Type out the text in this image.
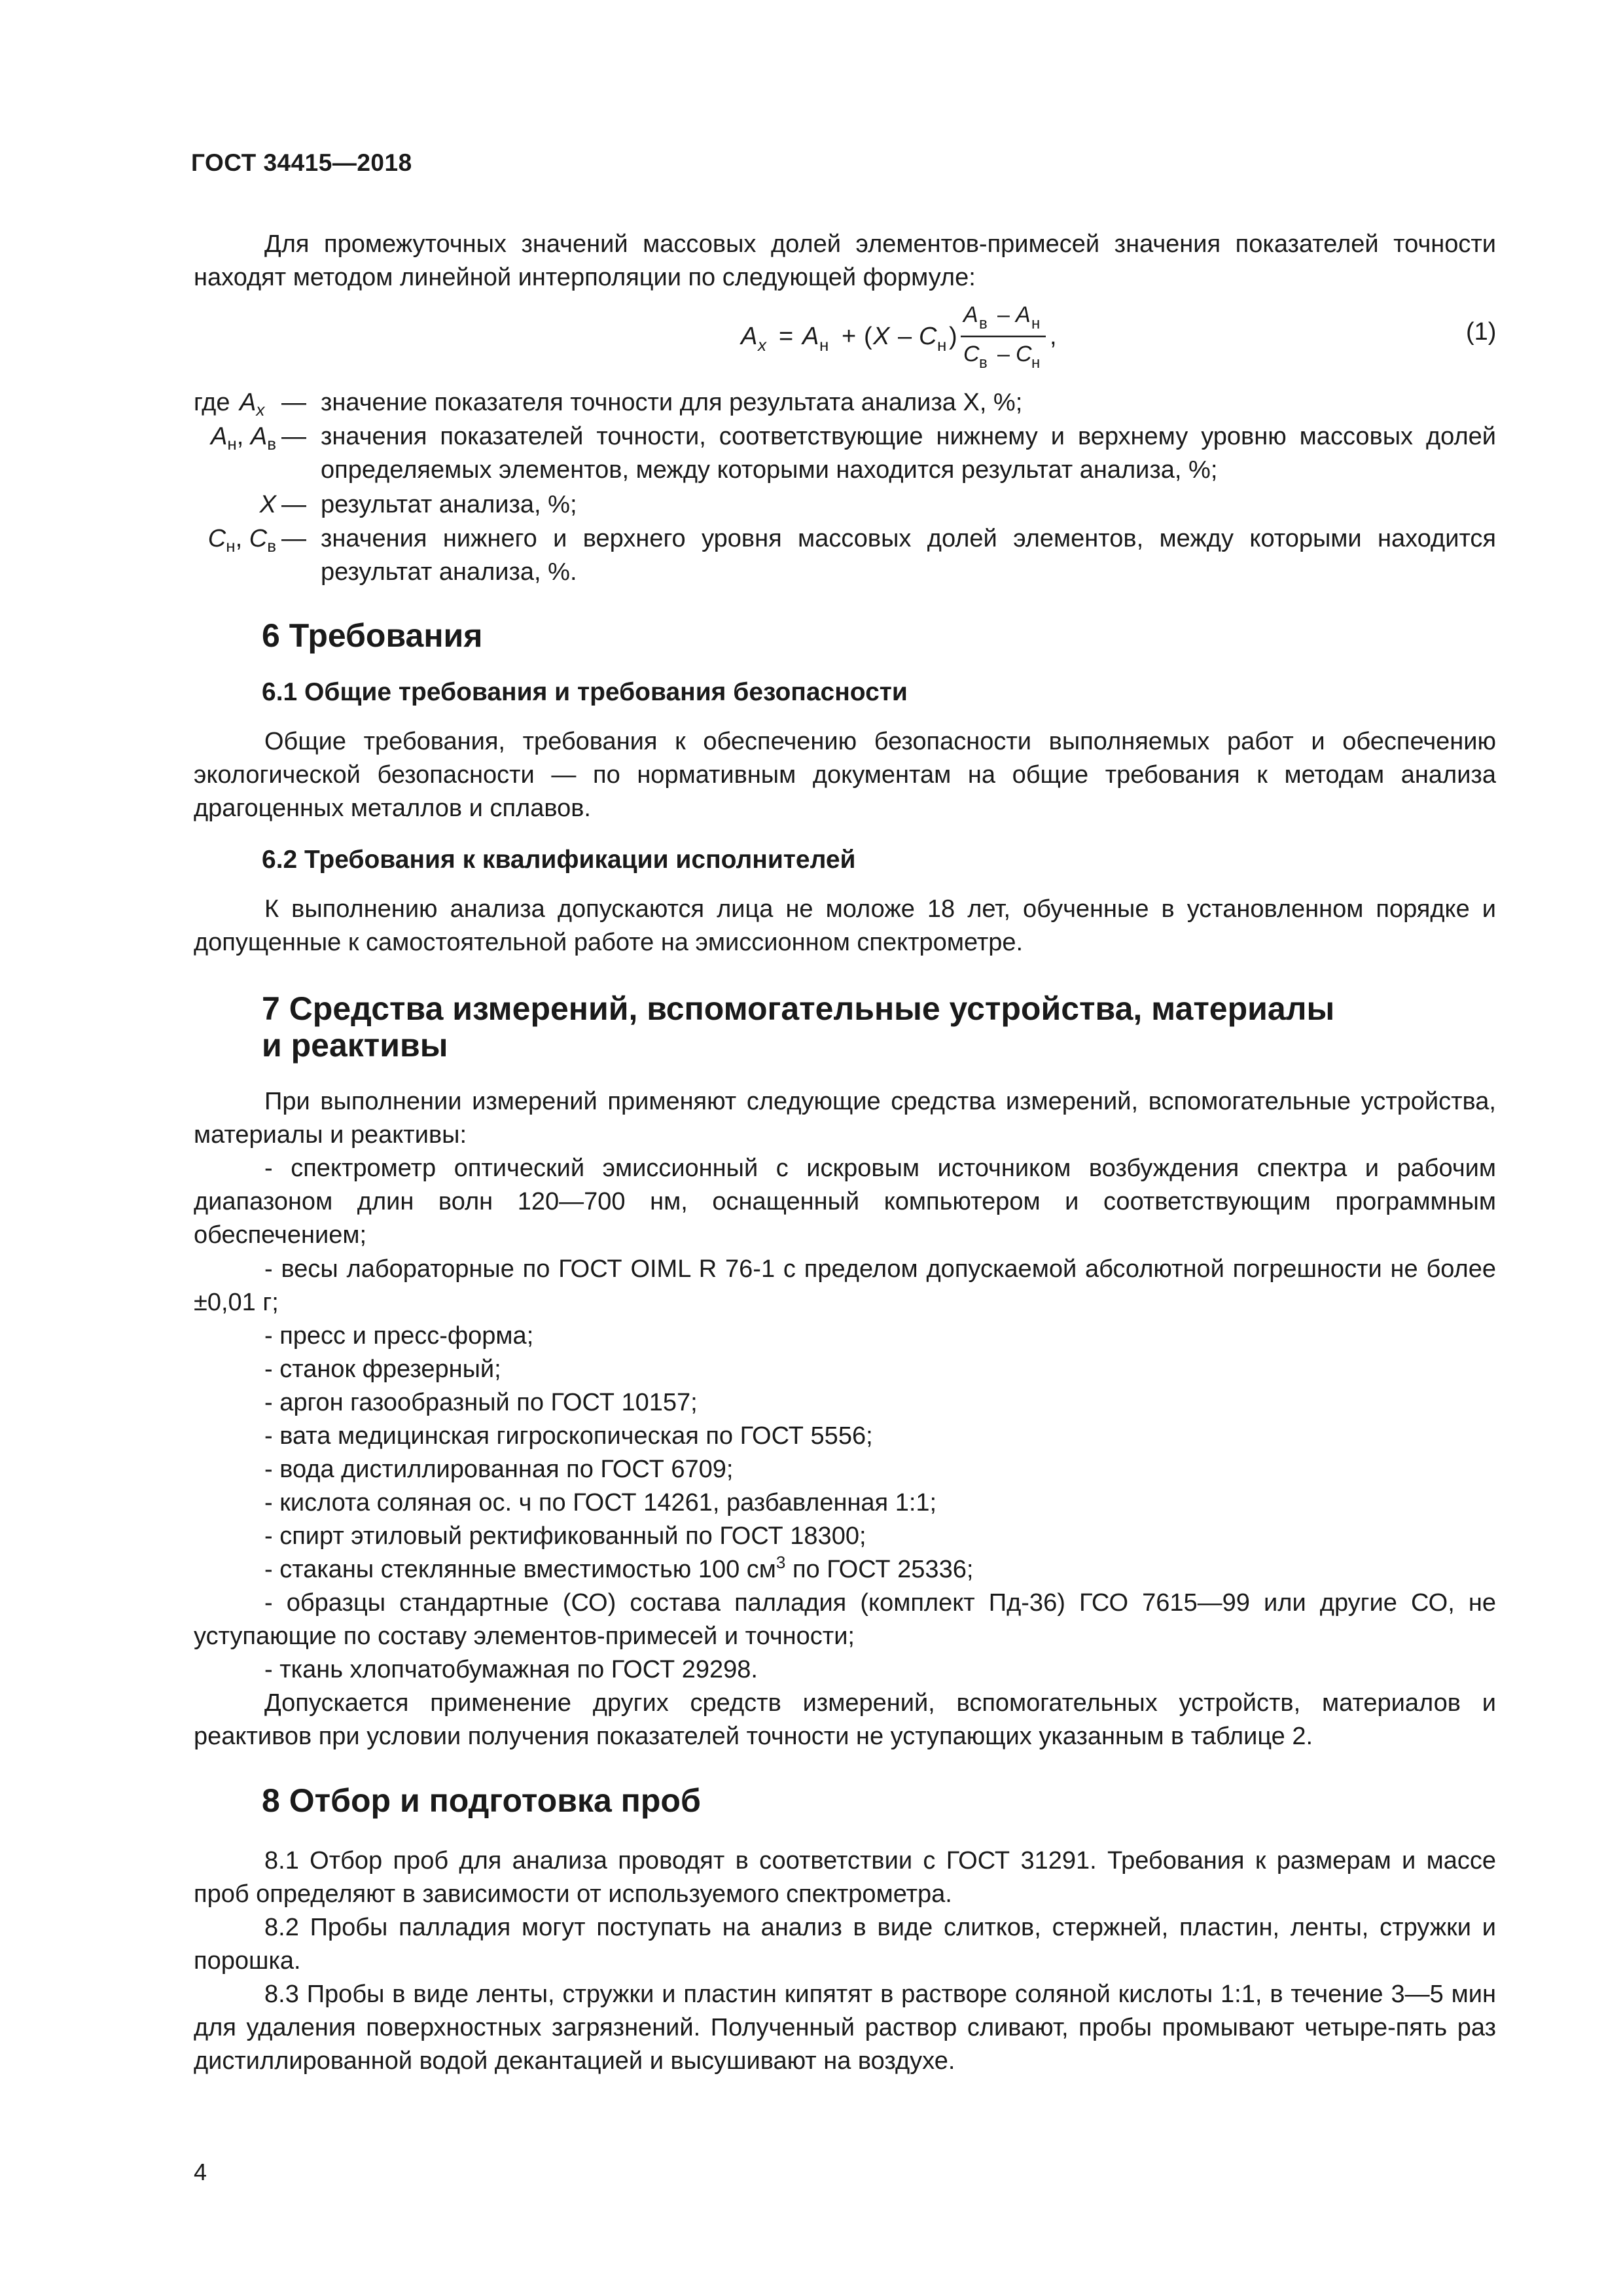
ГОСТ 34415—2018

Для промежуточных значений массовых долей элементов-примесей значения показателей точности находят методом линейной интерполяции по следующей формуле:

A x = A н + ( X – C н )
A в – A н
C в – C н
,	(1)
где $A_x$ — значение показателя точности для результата анализа X, %;
$A_н$, $A_в$ — значения показателей точности, соответствующие нижнему и верхнему уровню массовых долей определяемых элементов, между которыми находится результат анализа, %;
X — результат анализа, %;
$C_н$, $C_в$ — значения нижнего и верхнего уровня массовых долей элементов, между которыми находится результат анализа, %.
6 Требования
6.1 Общие требования и требования безопасности

Общие требования, требования к обеспечению безопасности выполняемых работ и обеспечению экологической безопасности — по нормативным документам на общие требования к методам анализа драгоценных металлов и сплавов.

6.2 Требования к квалификации исполнителей

К выполнению анализа допускаются лица не моложе 18 лет, обученные в установленном порядке и допущенные к самостоятельной работе на эмиссионном спектрометре.

7 Средства измерений, вспомогательные устройства, материалы
и реактивы

При выполнении измерений применяют следующие средства измерений, вспомогательные устройства, материалы и реактивы:

- спектрометр оптический эмиссионный с искровым источником возбуждения спектра и рабочим диапазоном длин волн 120—700 нм, оснащенный компьютером и соответствующим программным обеспечением;

- весы лабораторные по ГОСТ OIML R 76-1 с пределом допускаемой абсолютной погрешности не более ±0,01 г;

- пресс и пресс-форма;

- станок фрезерный;

- аргон газообразный по ГОСТ 10157;

- вата медицинская гигроскопическая по ГОСТ 5556;

- вода дистиллированная по ГОСТ 6709;

- кислота соляная ос. ч по ГОСТ 14261, разбавленная 1:1;

- спирт этиловый ректификованный по ГОСТ 18300;

- стаканы стеклянные вместимостью 100 $см^3$ по ГОСТ 25336;

- образцы стандартные (СО) состава палладия (комплект Пд-36) ГСО 7615—99 или другие СО, не уступающие по составу элементов-примесей и точности;

- ткань хлопчатобумажная по ГОСТ 29298.

Допускается применение других средств измерений, вспомогательных устройств, материалов и реактивов при условии получения показателей точности не уступающих указанным в таблице 2.

8 Отбор и подготовка проб

8.1 Отбор проб для анализа проводят в соответствии с ГОСТ 31291. Требования к размерам и массе проб определяют в зависимости от используемого спектрометра.

8.2 Пробы палладия могут поступать на анализ в виде слитков, стержней, пластин, ленты, стружки и порошка.

8.3 Пробы в виде ленты, стружки и пластин кипятят в растворе соляной кислоты 1:1, в течение 3—5 мин для удаления поверхностных загрязнений. Полученный раствор сливают, пробы промывают четыре-пять раз дистиллированной водой декантацией и высушивают на воздухе.

4
